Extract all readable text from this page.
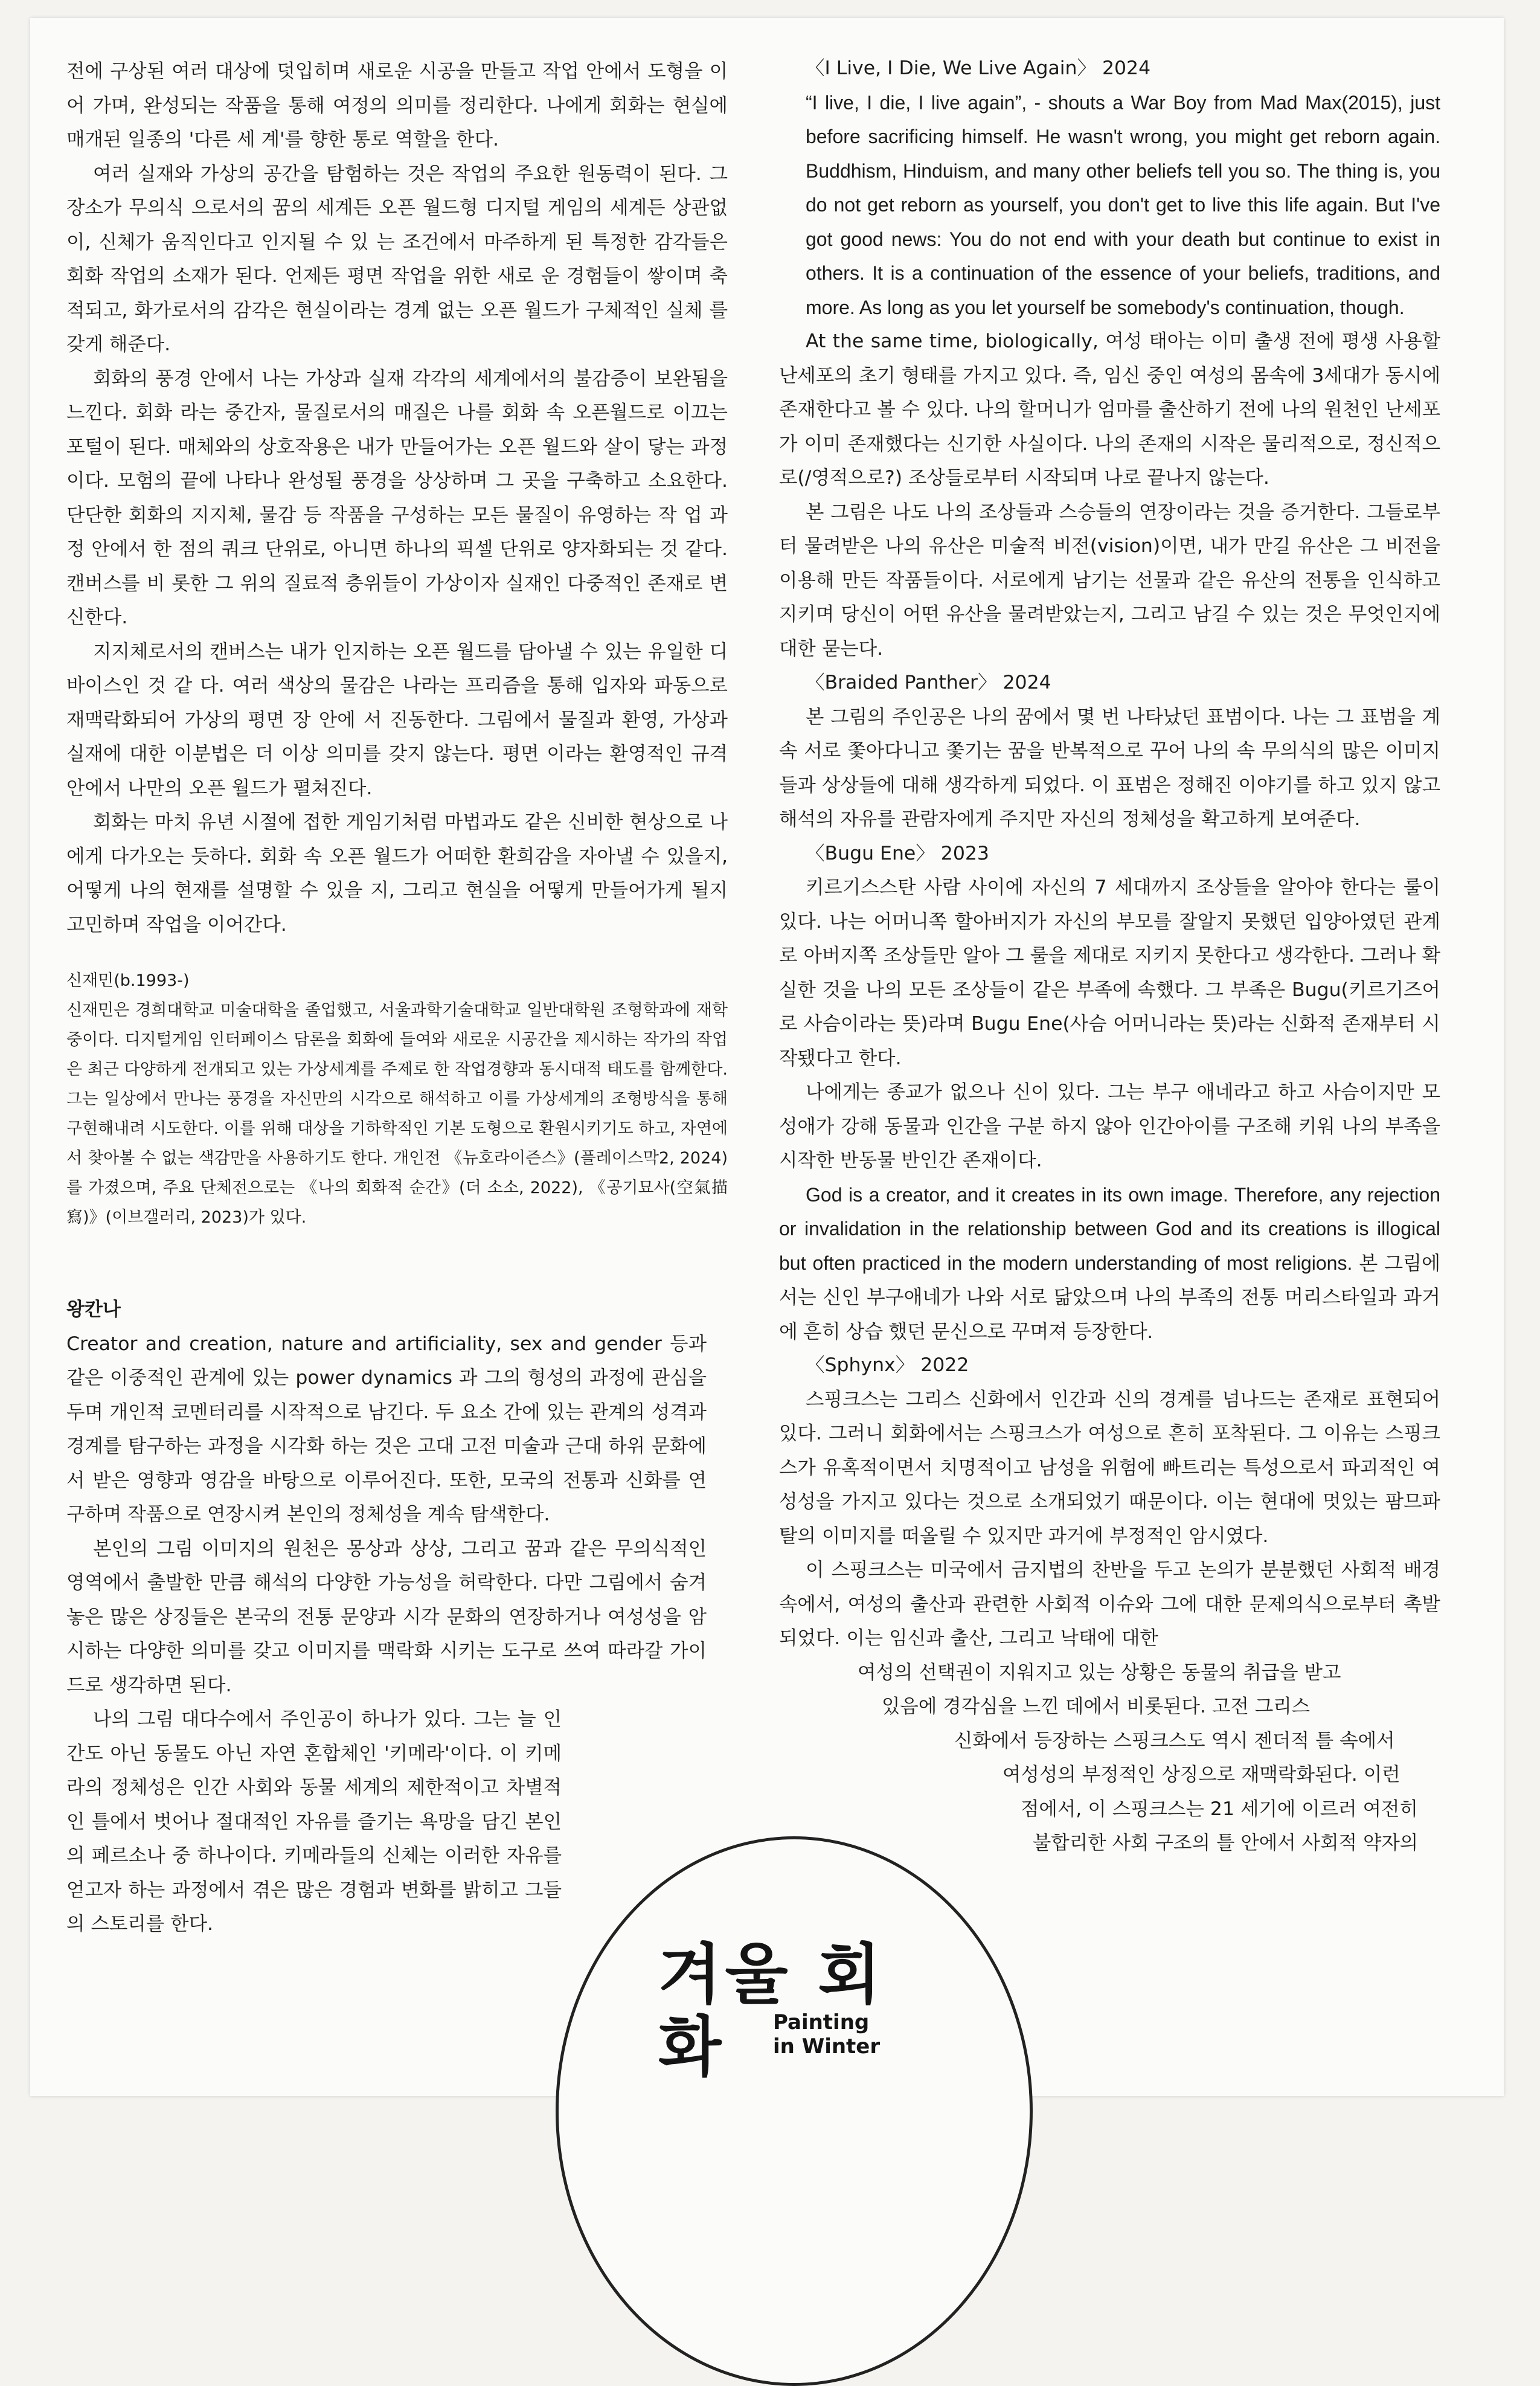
전에 구상된 여러 대상에 덧입히며 새로운 시공을 만들고 작업 안에서 도형을 이어 가며, 완성되는 작품을 통해 여정의 의미를 정리한다. 나에게 회화는 현실에 매개된 일종의 '다른 세 계'를 향한 통로 역할을 한다.

여러 실재와 가상의 공간을 탐험하는 것은 작업의 주요한 원동력이 된다. 그 장소가 무의식 으로서의 꿈의 세계든 오픈 월드형 디지털 게임의 세계든 상관없이, 신체가 움직인다고 인지될 수 있 는 조건에서 마주하게 된 특정한 감각들은 회화 작업의 소재가 된다. 언제든 평면 작업을 위한 새로 운 경험들이 쌓이며 축적되고, 화가로서의 감각은 현실이라는 경계 없는 오픈 월드가 구체적인 실체 를 갖게 해준다.

회화의 풍경 안에서 나는 가상과 실재 각각의 세계에서의 불감증이 보완됨을 느낀다. 회화 라는 중간자, 물질로서의 매질은 나를 회화 속 오픈월드로 이끄는 포털이 된다. 매체와의 상호작용은 내가 만들어가는 오픈 월드와 살이 닿는 과정이다. 모험의 끝에 나타나 완성될 풍경을 상상하며 그 곳을 구축하고 소요한다. 단단한 회화의 지지체, 물감 등 작품을 구성하는 모든 물질이 유영하는 작 업 과정 안에서 한 점의 쿼크 단위로, 아니면 하나의 픽셀 단위로 양자화되는 것 같다. 캔버스를 비 롯한 그 위의 질료적 층위들이 가상이자 실재인 다중적인 존재로 변신한다.

지지체로서의 캔버스는 내가 인지하는 오픈 월드를 담아낼 수 있는 유일한 디바이스인 것 같 다. 여러 색상의 물감은 나라는 프리즘을 통해 입자와 파동으로 재맥락화되어 가상의 평면 장 안에 서 진동한다. 그림에서 물질과 환영, 가상과 실재에 대한 이분법은 더 이상 의미를 갖지 않는다. 평면 이라는 환영적인 규격 안에서 나만의 오픈 월드가 펼쳐진다.

회화는 마치 유년 시절에 접한 게임기처럼 마법과도 같은 신비한 현상으로 나에게 다가오는 듯하다. 회화 속 오픈 월드가 어떠한 환희감을 자아낼 수 있을지, 어떻게 나의 현재를 설명할 수 있을 지, 그리고 현실을 어떻게 만들어가게 될지 고민하며 작업을 이어간다.

신재민(b.1993-)

신재민은 경희대학교 미술대학을 졸업했고, 서울과학기술대학교 일반대학원 조형학과에 재학 중이다. 디지털게임 인터페이스 담론을 회화에 들여와 새로운 시공간을 제시하는 작가의 작업은 최근 다양하게 전개되고 있는 가상세계를 주제로 한 작업경향과 동시대적 태도를 함께한다. 그는 일상에서 만나는 풍경을 자신만의 시각으로 해석하고 이를 가상세계의 조형방식을 통해 구현해내려 시도한다. 이를 위해 대상을 기하학적인 기본 도형으로 환원시키기도 하고, 자연에서 찾아볼 수 없는 색감만을 사용하기도 한다. 개인전 《뉴호라이즌스》(플레이스막2, 2024)를 가졌으며, 주요 단체전으로는 《나의 회화적 순간》(더 소소, 2022), 《공기묘사(空氣描寫)》(이브갤러리, 2023)가 있다.

왕칸나

Creator and creation, nature and artificiality, sex and gender 등과 같은 이중적인 관계에 있는 power dynamics 과 그의 형성의 과정에 관심을 두며 개인적 코멘터리를 시작적으로 남긴다. 두 요소 간에 있는 관계의 성격과 경계를 탐구하는 과정을 시각화 하는 것은 고대 고전 미술과 근대 하위 문화에서 받은 영향과 영감을 바탕으로 이루어진다. 또한, 모국의 전통과 신화를 연구하며 작품으로 연장시켜 본인의 정체성을 계속 탐색한다.

본인의 그림 이미지의 원천은 몽상과 상상, 그리고 꿈과 같은 무의식적인 영역에서 출발한 만큼 해석의 다양한 가능성을 허락한다. 다만 그림에서 숨겨놓은 많은 상징들은 본국의 전통 문양과 시각 문화의 연장하거나 여성성을 암시하는 다양한 의미를 갖고 이미지를 맥락화 시키는 도구로 쓰여 따라갈 가이드로 생각하면 된다.

나의 그림 대다수에서 주인공이 하나가 있다. 그는 늘 인간도 아닌 동물도 아닌 자연 혼합체인 '키메라'이다. 이 키메라의 정체성은 인간 사회와 동물 세계의 제한적이고 차별적인 틀에서 벗어나 절대적인 자유를 즐기는 욕망을 담긴 본인의 페르소나 중 하나이다. 키메라들의 신체는 이러한 자유를 얻고자 하는 과정에서 겪은 많은 경험과 변화를 밝히고 그들의 스토리를 한다.

〈I Live, I Die, We Live Again〉 2024

“I live, I die, I live again”, - shouts a War Boy from Mad Max(2015), just before sacrificing himself. He wasn't wrong, you might get reborn again. Buddhism, Hinduism, and many other beliefs tell you so. The thing is, you do not get reborn as yourself, you don't get to live this life again. But I've got good news: You do not end with your death but continue to exist in others. It is a continuation of the essence of your beliefs, traditions, and more. As long as you let yourself be somebody's continuation, though.

At the same time, biologically, 여성 태아는 이미 출생 전에 평생 사용할 난세포의 초기 형태를 가지고 있다. 즉, 임신 중인 여성의 몸속에 3세대가 동시에 존재한다고 볼 수 있다. 나의 할머니가 엄마를 출산하기 전에 나의 원천인 난세포가 이미 존재했다는 신기한 사실이다. 나의 존재의 시작은 물리적으로, 정신적으로(/영적으로?) 조상들로부터 시작되며 나로 끝나지 않는다.

본 그림은 나도 나의 조상들과 스승들의 연장이라는 것을 증거한다. 그들로부터 물려받은 나의 유산은 미술적 비전(vision)이면, 내가 만길 유산은 그 비전을 이용해 만든 작품들이다. 서로에게 남기는 선물과 같은 유산의 전통을 인식하고 지키며 당신이 어떤 유산을 물려받았는지, 그리고 남길 수 있는 것은 무엇인지에 대한 묻는다.

〈Braided Panther〉 2024

본 그림의 주인공은 나의 꿈에서 몇 번 나타났던 표범이다. 나는 그 표범을 계속 서로 쫓아다니고 쫓기는 꿈을 반복적으로 꾸어 나의 속 무의식의 많은 이미지들과 상상들에 대해 생각하게 되었다. 이 표범은 정해진 이야기를 하고 있지 않고 해석의 자유를 관람자에게 주지만 자신의 정체성을 확고하게 보여준다.

〈Bugu Ene〉 2023

키르기스스탄 사람 사이에 자신의 7 세대까지 조상들을 알아야 한다는 룰이 있다. 나는 어머니쪽 할아버지가 자신의 부모를 잘알지 못했던 입양아였던 관계로 아버지쪽 조상들만 알아 그 룰을 제대로 지키지 못한다고 생각한다. 그러나 확실한 것을 나의 모든 조상들이 같은 부족에 속했다. 그 부족은 Bugu(키르기즈어로 사슴이라는 뜻)라며 Bugu Ene(사슴 어머니라는 뜻)라는 신화적 존재부터 시작됐다고 한다.

나에게는 종교가 없으나 신이 있다. 그는 부구 애네라고 하고 사슴이지만 모성애가 강해 동물과 인간을 구분 하지 않아 인간아이를 구조해 키워 나의 부족을 시작한 반동물 반인간 존재이다.

God is a creator, and it creates in its own image. Therefore, any rejection or invalidation in the relationship between God and its creations is illogical but often practiced in the modern understanding of most religions. 본 그림에서는 신인 부구애네가 나와 서로 닮았으며 나의 부족의 전통 머리스타일과 과거에 흔히 상습 했던 문신으로 꾸며져 등장한다.

〈Sphynx〉 2022

스핑크스는 그리스 신화에서 인간과 신의 경계를 넘나드는 존재로 표현되어 있다. 그러니 회화에서는 스핑크스가 여성으로 흔히 포착된다. 그 이유는 스핑크스가 유혹적이면서 치명적이고 남성을 위험에 빠트리는 특성으로서 파괴적인 여성성을 가지고 있다는 것으로 소개되었기 때문이다. 이는 현대에 멋있는 팜므파탈의 이미지를 떠올릴 수 있지만 과거에 부정적인 암시였다.

이 스핑크스는 미국에서 금지법의 찬반을 두고 논의가 분분했던 사회적 배경 속에서, 여성의 출산과 관련한 사회적 이슈와 그에 대한 문제의식으로부터 촉발되었다. 이는 임신과 출산, 그리고 낙태에 대한

여성의 선택권이 지워지고 있는 상황은 동물의 취급을 받고

있음에 경각심을 느낀 데에서 비롯된다. 고전 그리스

신화에서 등장하는 스핑크스도 역시 젠더적 틀 속에서

여성성의 부정적인 상징으로 재맥락화된다. 이런

점에서, 이 스핑크스는 21 세기에 이르러 여전히

불합리한 사회 구조의 틀 안에서 사회적 약자의

겨울 회화	Painting
in Winter
